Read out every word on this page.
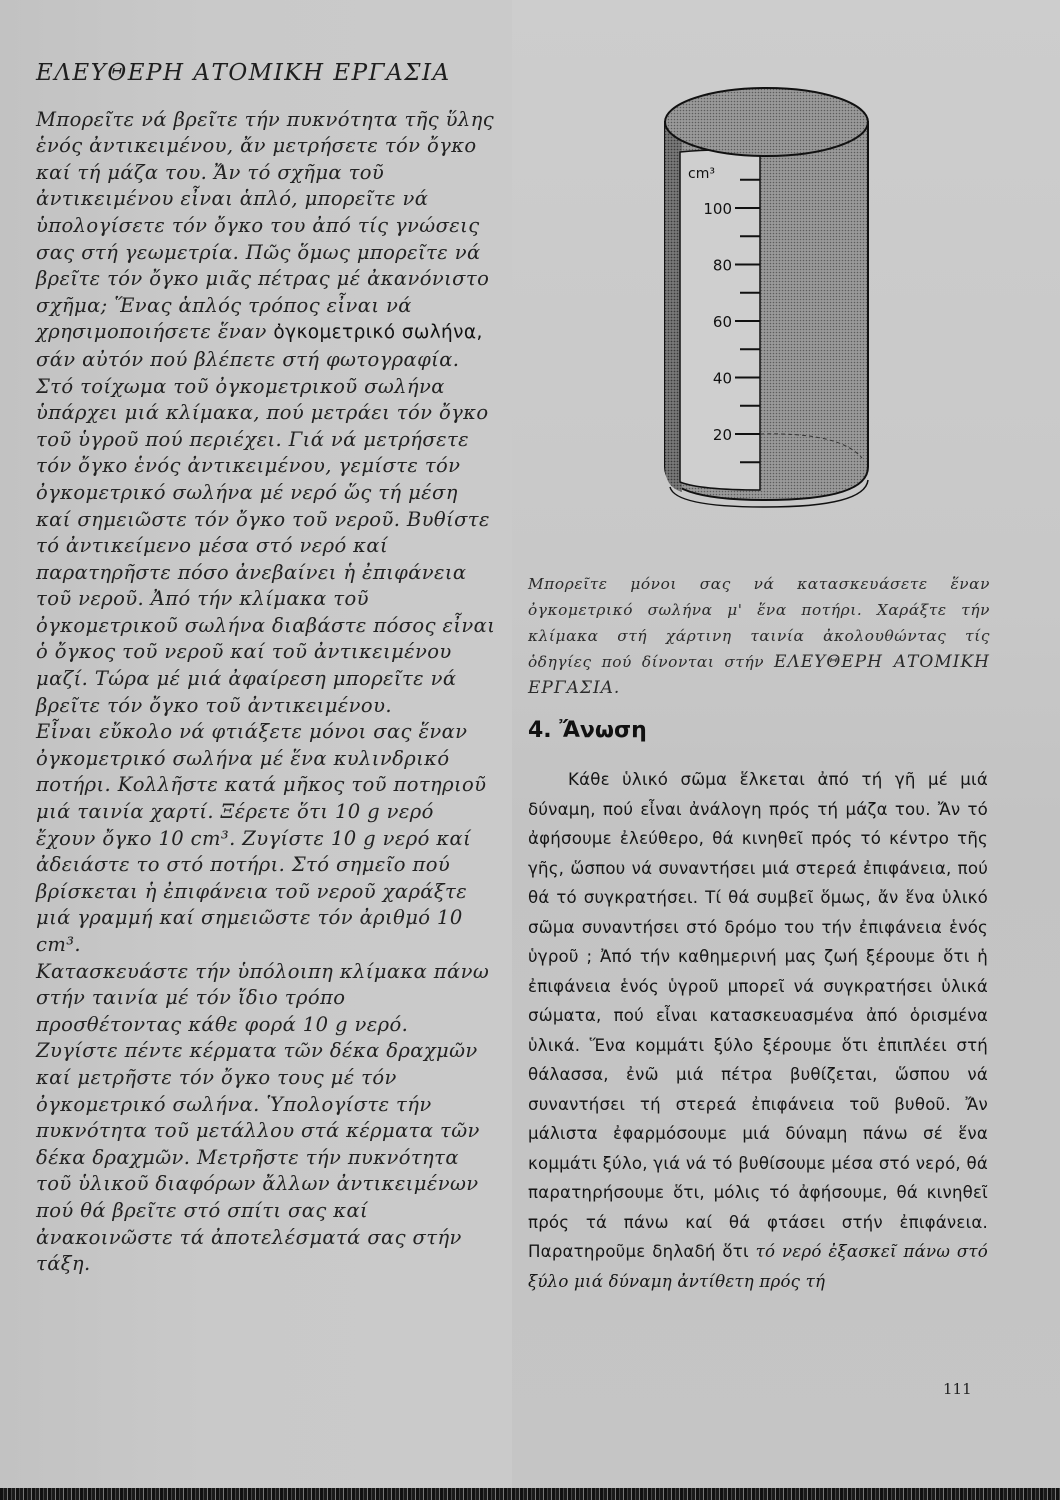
ΕΛΕΥΘΕΡΗ ΑΤΟΜΙΚΗ ΕΡΓΑΣΙΑ

Μπορεῖτε νά βρεῖτε τήν πυκνότητα τῆς ὕλης ἑνός ἀντικειμένου, ἄν μετρήσετε τόν ὄγκο καί τή μάζα του. Ἄν τό σχῆμα τοῦ ἀντικειμένου εἶναι ἁπλό, μπορεῖτε νά ὑπολογίσετε τόν ὄγκο του ἀπό τίς γνώσεις σας στή γεωμετρία. Πῶς ὅμως μπορεῖτε νά βρεῖτε τόν ὄγκο μιᾶς πέτρας μέ ἀκανόνιστο σχῆμα; Ἕνας ἁπλός τρόπος εἶναι νά χρησιμοποιήσετε ἕναν ὀγκομετρικό σωλήνα, σάν αὐτόν πού βλέπετε στή φωτογραφία. Στό τοίχωμα τοῦ ὀγκομετρικοῦ σωλήνα ὑπάρχει μιά κλίμακα, πού μετράει τόν ὄγκο τοῦ ὑγροῦ πού περιέχει. Γιά νά μετρήσετε τόν ὄγκο ἑνός ἀντικειμένου, γεμίστε τόν ὀγκομετρικό σωλήνα μέ νερό ὥς τή μέση καί σημειῶστε τόν ὄγκο τοῦ νεροῦ. Βυθίστε τό ἀντικείμενο μέσα στό νερό καί παρατηρῆστε πόσο ἀνεβαίνει ἡ ἐπιφάνεια τοῦ νεροῦ. Ἀπό τήν κλίμακα τοῦ ὀγκομετρικοῦ σωλήνα διαβάστε πόσος εἶναι ὁ ὄγκος τοῦ νεροῦ καί τοῦ ἀντικειμένου μαζί. Τώρα μέ μιά ἀφαίρεση μπορεῖτε νά βρεῖτε τόν ὄγκο τοῦ ἀντικειμένου.

Εἶναι εὔκολο νά φτιάξετε μόνοι σας ἕναν ὀγκομετρικό σωλήνα μέ ἕνα κυλινδρικό ποτήρι. Κολλῆστε κατά μῆκος τοῦ ποτηριοῦ μιά ταινία χαρτί. Ξέρετε ὅτι 10 g νερό ἔχουν ὄγκο 10 cm³. Ζυγίστε 10 g νερό καί ἀδειάστε το στό ποτήρι. Στό σημεῖο πού βρίσκεται ἡ ἐπιφάνεια τοῦ νεροῦ χαράξτε μιά γραμμή καί σημειῶστε τόν ἀριθμό 10 cm³.

Κατασκευάστε τήν ὑπόλοιπη κλίμακα πάνω στήν ταινία μέ τόν ἴδιο τρόπο προσθέτοντας κάθε φορά 10 g νερό.

Ζυγίστε πέντε κέρματα τῶν δέκα δραχμῶν καί μετρῆστε τόν ὄγκο τους μέ τόν ὀγκομετρικό σωλήνα. Ὑπολογίστε τήν πυκνότητα τοῦ μετάλλου στά κέρματα τῶν δέκα δραχμῶν. Μετρῆστε τήν πυκνότητα τοῦ ὑλικοῦ διαφόρων ἄλλων ἀντικειμένων πού θά βρεῖτε στό σπίτι σας καί ἀνακοινῶστε τά ἀποτελέσματά σας στήν τάξη.

100
80
60
40
20
cm³
Μπορεῖτε μόνοι σας νά κατασκευάσετε ἕναν ὀγκομετρικό σωλήνα μ' ἕνα ποτήρι. Χαράξτε τήν κλίμακα στή χάρτινη ταινία ἀκολουθώντας τίς ὁδηγίες πού δίνονται στήν ΕΛΕΥΘΕΡΗ ΑΤΟΜΙΚΗ ΕΡΓΑΣΙΑ.
4. Ἄνωση

Κάθε ὑλικό σῶμα ἕλκεται ἀπό τή γῆ μέ μιά δύναμη, πού εἶναι ἀνάλογη πρός τή μάζα του. Ἄν τό ἀφήσουμε ἐλεύθερο, θά κινηθεῖ πρός τό κέντρο τῆς γῆς, ὥσπου νά συναντήσει μιά στερεά ἐπιφάνεια, πού θά τό συγκρατήσει. Τί θά συμβεῖ ὅμως, ἄν ἕνα ὑλικό σῶμα συναντήσει στό δρόμο του τήν ἐπιφάνεια ἑνός ὑγροῦ ; Ἀπό τήν καθημερινή μας ζωή ξέρουμε ὅτι ἡ ἐπιφάνεια ἑνός ὑγροῦ μπορεῖ νά συγκρατήσει ὑλικά σώματα, πού εἶναι κατασκευασμένα ἀπό ὁρισμένα ὑλικά. Ἕνα κομμάτι ξύλο ξέρουμε ὅτι ἐπιπλέει στή θάλασσα, ἐνῶ μιά πέτρα βυθίζεται, ὥσπου νά συναντήσει τή στερεά ἐπιφάνεια τοῦ βυθοῦ. Ἄν μάλιστα ἐφαρμόσουμε μιά δύναμη πάνω σέ ἕνα κομμάτι ξύλο, γιά νά τό βυθίσουμε μέσα στό νερό, θά παρατηρήσουμε ὅτι, μόλις τό ἀφήσουμε, θά κινηθεῖ πρός τά πάνω καί θά φτάσει στήν ἐπιφάνεια. Παρατηροῦμε δηλαδή ὅτι τό νερό ἐξασκεῖ πάνω στό ξύλο μιά δύναμη ἀντίθετη πρός τή

111
